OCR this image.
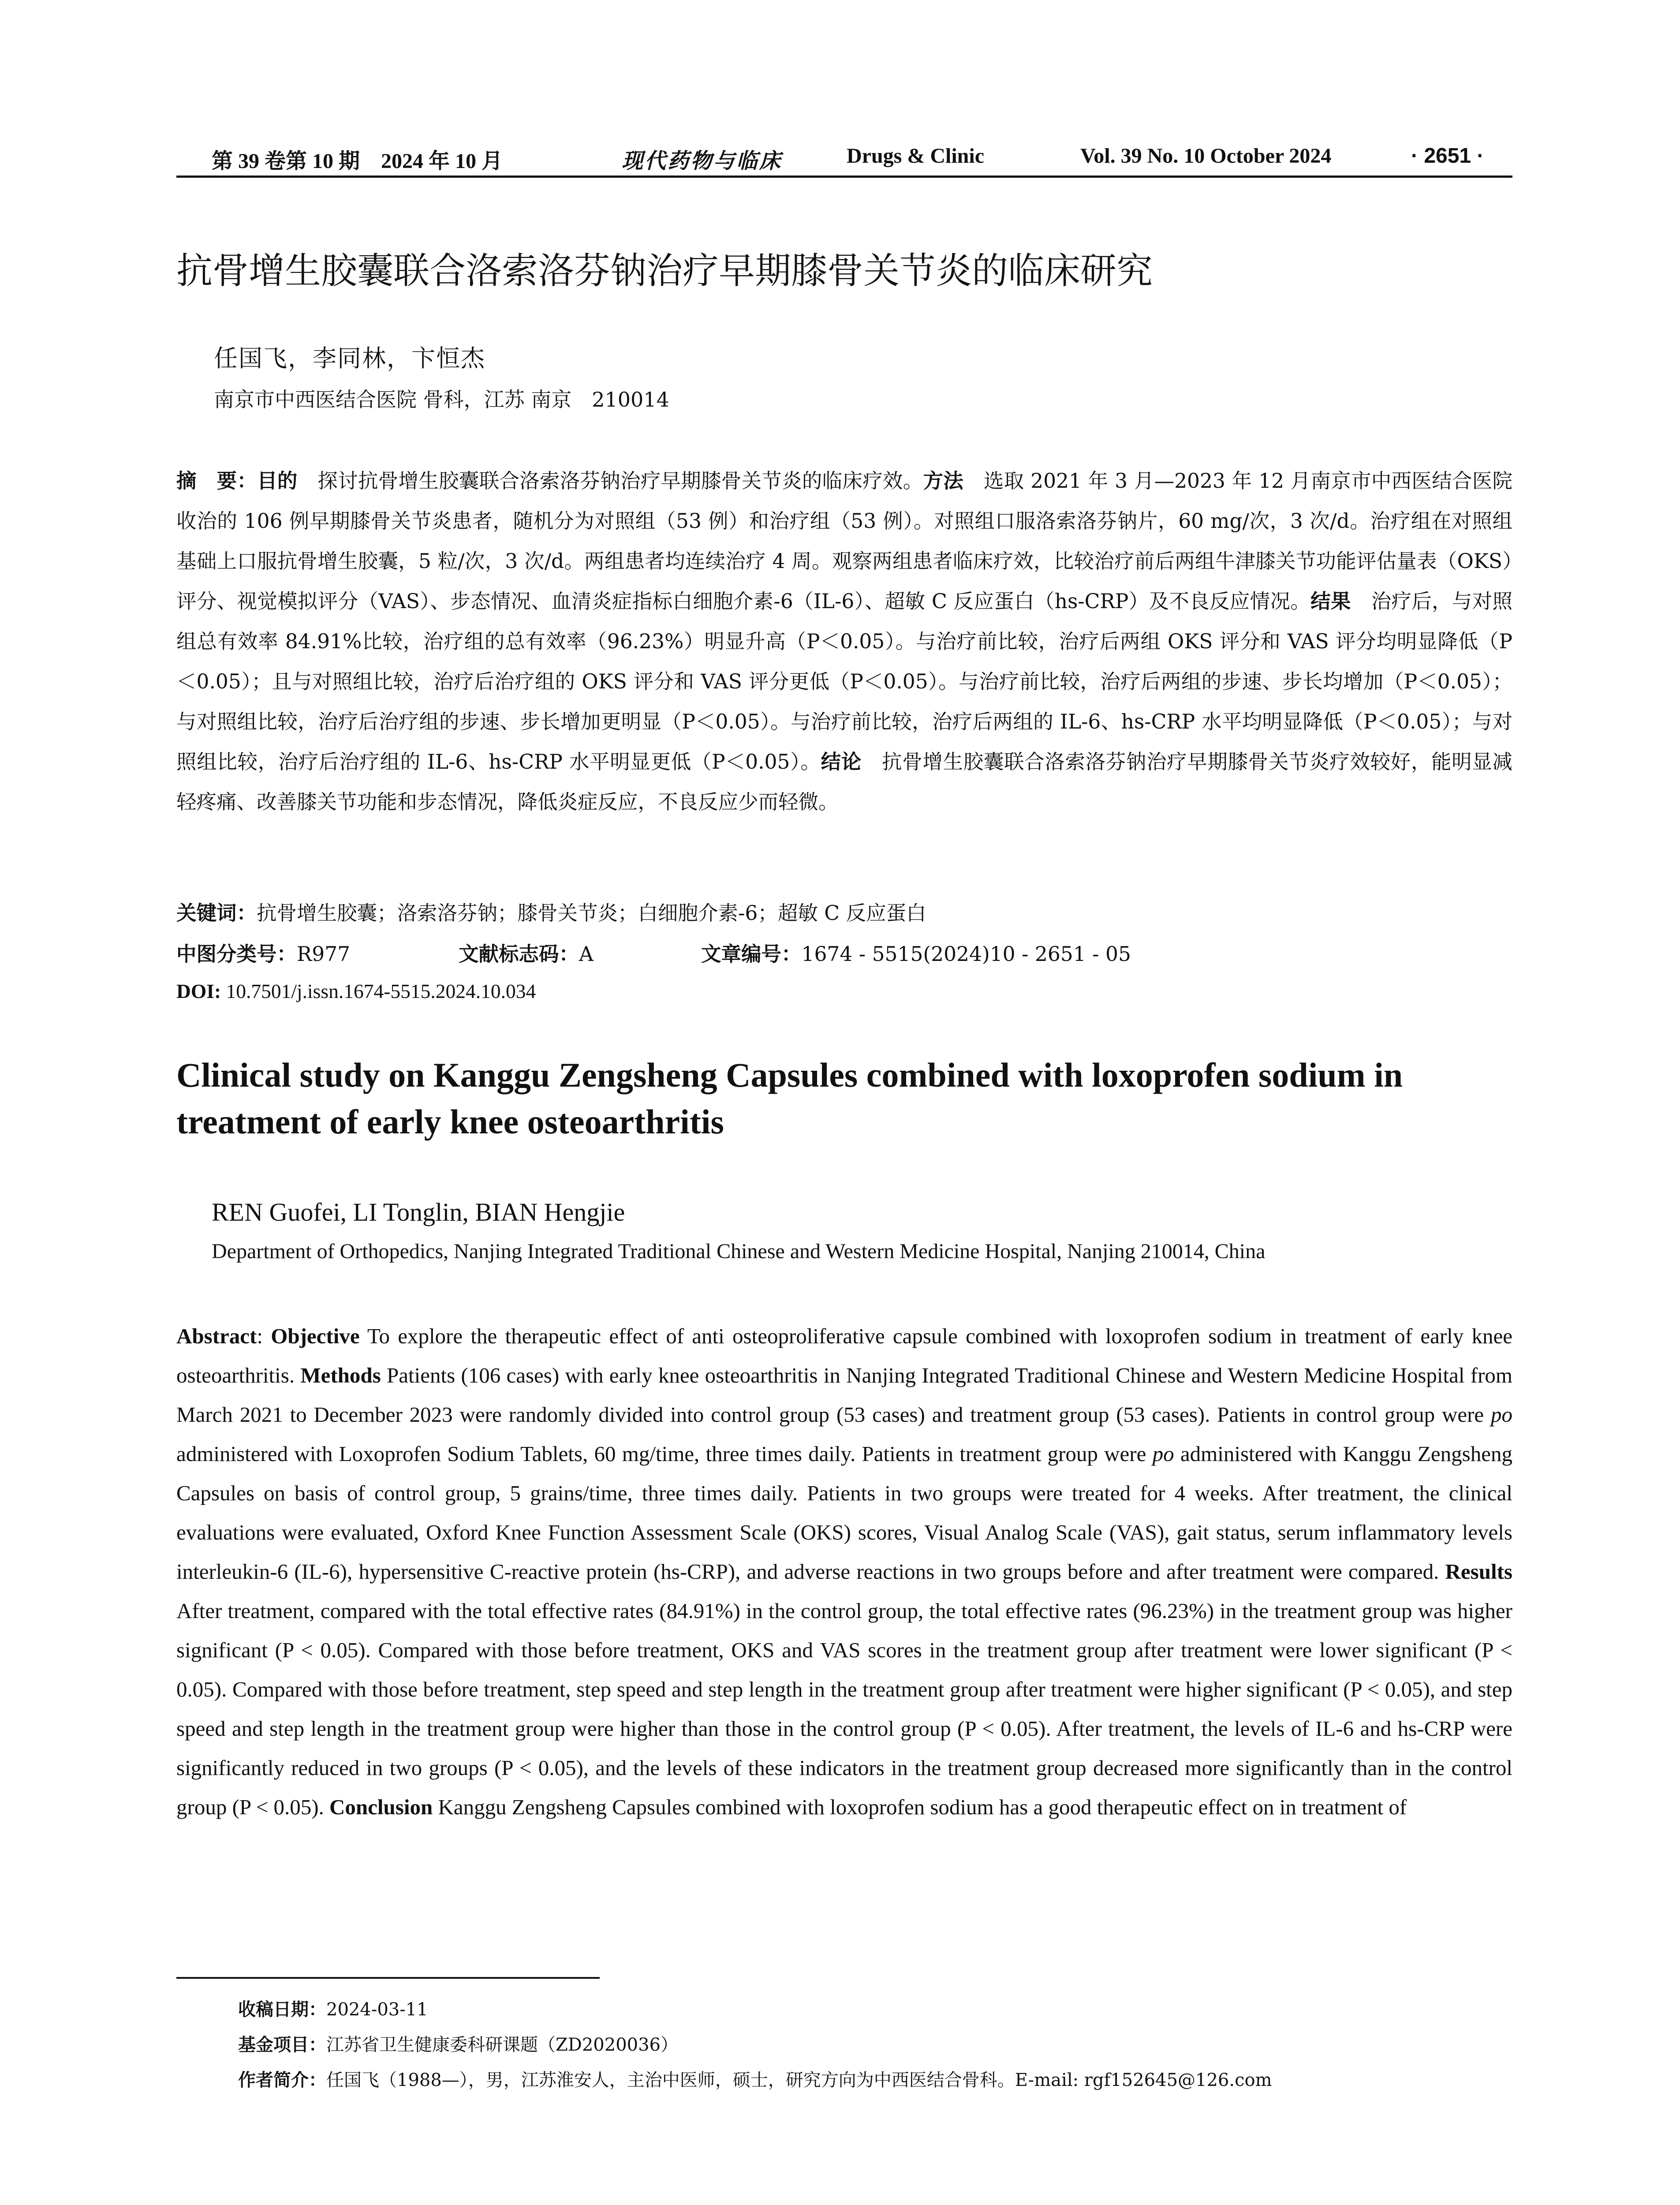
第 39 卷第 10 期　2024 年 10 月	现代药物与临床	Drugs & Clinic	Vol. 39 No. 10 October 2024	· 2651 ·
抗骨增生胶囊联合洛索洛芬钠治疗早期膝骨关节炎的临床研究
任国飞，李同林，卞恒杰
南京市中西医结合医院 骨科，江苏 南京　210014
摘　要：目的　探讨抗骨增生胶囊联合洛索洛芬钠治疗早期膝骨关节炎的临床疗效。方法　选取 2021 年 3 月—2023 年 12 月南京市中西医结合医院收治的 106 例早期膝骨关节炎患者，随机分为对照组（53 例）和治疗组（53 例）。对照组口服洛索洛芬钠片，60 mg/次，3 次/d。治疗组在对照组基础上口服抗骨增生胶囊，5 粒/次，3 次/d。两组患者均连续治疗 4 周。观察两组患者临床疗效，比较治疗前后两组牛津膝关节功能评估量表（OKS）评分、视觉模拟评分（VAS）、步态情况、血清炎症指标白细胞介素-6（IL-6）、超敏 C 反应蛋白（hs-CRP）及不良反应情况。结果　治疗后，与对照组总有效率 84.91%比较，治疗组的总有效率（96.23%）明显升高（P＜0.05）。与治疗前比较，治疗后两组 OKS 评分和 VAS 评分均明显降低（P＜0.05）；且与对照组比较，治疗后治疗组的 OKS 评分和 VAS 评分更低（P＜0.05）。与治疗前比较，治疗后两组的步速、步长均增加（P＜0.05）；与对照组比较，治疗后治疗组的步速、步长增加更明显（P＜0.05）。与治疗前比较，治疗后两组的 IL-6、hs-CRP 水平均明显降低（P＜0.05）；与对照组比较，治疗后治疗组的 IL-6、hs-CRP 水平明显更低（P＜0.05）。结论　抗骨增生胶囊联合洛索洛芬钠治疗早期膝骨关节炎疗效较好，能明显减轻疼痛、改善膝关节功能和步态情况，降低炎症反应，不良反应少而轻微。
关键词：抗骨增生胶囊；洛索洛芬钠；膝骨关节炎；白细胞介素-6；超敏 C 反应蛋白
中图分类号：R977	文献标志码：A	文章编号：1674 - 5515(2024)10 - 2651 - 05
DOI: 10.7501/j.issn.1674-5515.2024.10.034
Clinical study on Kanggu Zengsheng Capsules combined with loxoprofen sodium in treatment of early knee osteoarthritis
REN Guofei, LI Tonglin, BIAN Hengjie
Department of Orthopedics, Nanjing Integrated Traditional Chinese and Western Medicine Hospital, Nanjing 210014, China
Abstract: Objective To explore the therapeutic effect of anti osteoproliferative capsule combined with loxoprofen sodium in treatment of early knee osteoarthritis. Methods Patients (106 cases) with early knee osteoarthritis in Nanjing Integrated Traditional Chinese and Western Medicine Hospital from March 2021 to December 2023 were randomly divided into control group (53 cases) and treatment group (53 cases). Patients in control group were po administered with Loxoprofen Sodium Tablets, 60 mg/time, three times daily. Patients in treatment group were po administered with Kanggu Zengsheng Capsules on basis of control group, 5 grains/time, three times daily. Patients in two groups were treated for 4 weeks. After treatment, the clinical evaluations were evaluated, Oxford Knee Function Assessment Scale (OKS) scores, Visual Analog Scale (VAS), gait status, serum inflammatory levels interleukin-6 (IL-6), hypersensitive C-reactive protein (hs-CRP), and adverse reactions in two groups before and after treatment were compared. Results After treatment, compared with the total effective rates (84.91%) in the control group, the total effective rates (96.23%) in the treatment group was higher significant (P < 0.05). Compared with those before treatment, OKS and VAS scores in the treatment group after treatment were lower significant (P < 0.05). Compared with those before treatment, step speed and step length in the treatment group after treatment were higher significant (P < 0.05), and step speed and step length in the treatment group were higher than those in the control group (P < 0.05). After treatment, the levels of IL-6 and hs-CRP were significantly reduced in two groups (P < 0.05), and the levels of these indicators in the treatment group decreased more significantly than in the control group (P < 0.05). Conclusion Kanggu Zengsheng Capsules combined with loxoprofen sodium has a good therapeutic effect on in treatment of
收稿日期：2024-03-11
基金项目：江苏省卫生健康委科研课题（ZD2020036）
作者简介：任国飞（1988—），男，江苏淮安人，主治中医师，硕士，研究方向为中西医结合骨科。E-mail: rgf152645@126.com
